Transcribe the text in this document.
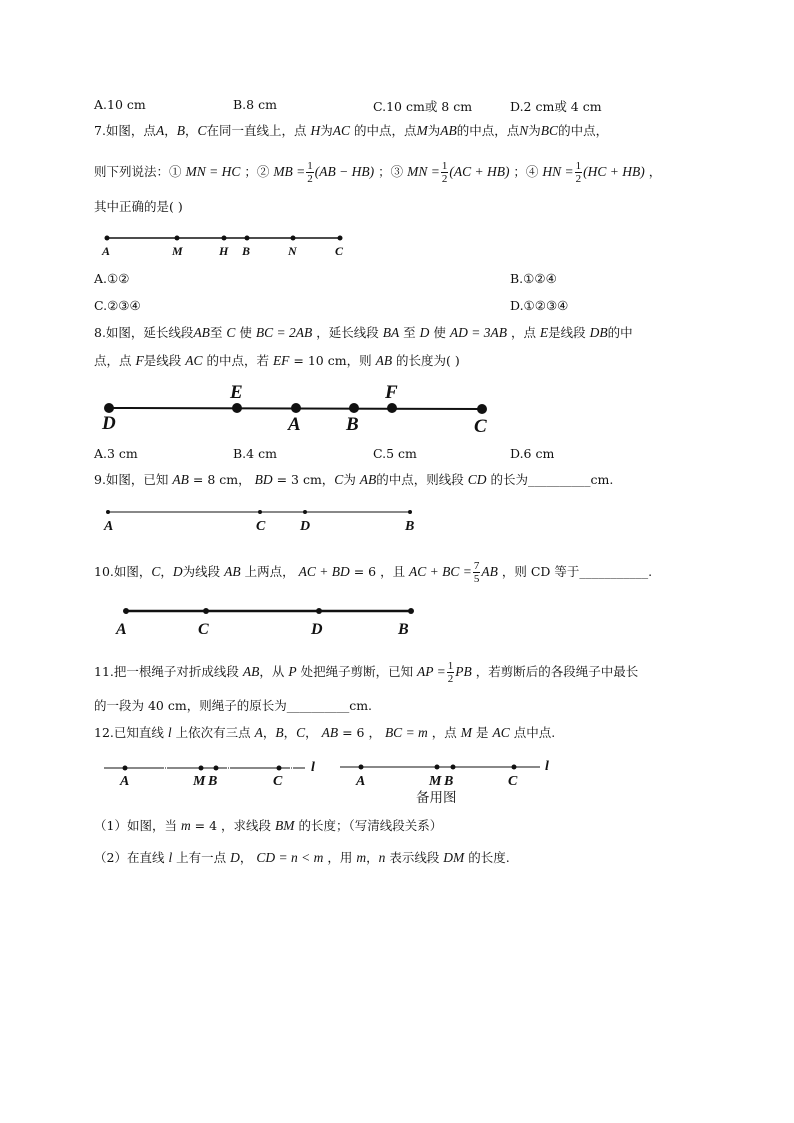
A.10 cm	B.8 cm	C.10 cm或 8 cm	D.2 cm或 4 cm
7.如图，点A，B，C在同一直线上，点 H为AC 的中点，点M为AB的中点，点N为BC的中点，
则下列说法：① MN = HC ；② MB = $\frac{1}{2} (AB - HB)$ ；③ MN = $\frac{1}{2} (AC + HB)$ ；④ HN = $\frac{1}{2} (HC + HB)$ ，
其中正确的是( )
A	M	H B	N	C
A.①②	B.①②④
C.②③④	D.①②③④
8.如图，延长线段AB至 C 使 BC = 2AB ，延长线段 BA 至 D 使 AD = 3AB ，点 E是线段 DB的中
点，点 F是线段 AC 的中点，若 EF = 10 cm，则 AB 的长度为( )
D
E
A B
F
C
A.3 cm	B.4 cm	C.5 cm	D.6 cm
9.如图，已知 AB = 8 cm， BD = 3 cm，C为 AB的中点，则线段 CD 的长为__________cm.
A	C D	B
10.如图，C，D为线段 AB 上两点， AC + BD = 6 ，且 AC + BC = $\frac{7}{5}$ AB ，则 CD 等于___________.
A	C	D	B
11.把一根绳子对折成线段 AB，从 P 处把绳子剪断，已知 AP = $\frac{1}{2}$ PB ，若剪断后的各段绳子中最长
的一段为 40 cm，则绳子的原长为__________cm.
12.已知直线 l 上依次有三点 A，B，C， AB = 6 ， BC = m ，点 M 是 AC 点中点.
A	M B	C
l
A	M B	C
l
备用图
（1）如图，当 m = 4 ，求线段 BM 的长度；（写清线段关系）
（2）在直线 l 上有一点 D， CD = n < m ，用 m，n 表示线段 DM 的长度.
